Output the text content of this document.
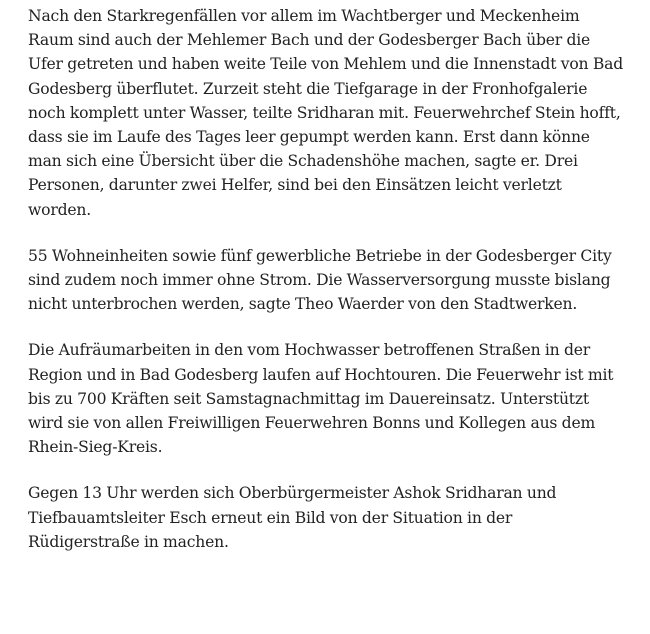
Nach den Starkregenfällen vor allem im Wachtberger und Meckenheim Raum sind auch der Mehlemer Bach und der Godesberger Bach über die Ufer getreten und haben weite Teile von Mehlem und die Innenstadt von Bad Godesberg überflutet. Zurzeit steht die Tiefgarage in der Fronhofgalerie noch komplett unter Wasser, teilte Sridharan mit. Feuerwehrchef Stein hofft, dass sie im Laufe des Tages leer gepumpt werden kann. Erst dann könne man sich eine Übersicht über die Schadenshöhe machen, sagte er. Drei Personen, darunter zwei Helfer, sind bei den Einsätzen leicht verletzt worden.

55 Wohneinheiten sowie fünf gewerbliche Betriebe in der Godesberger City sind zudem noch immer ohne Strom. Die Wasserversorgung musste bislang nicht unterbrochen werden, sagte Theo Waerder von den Stadtwerken.

Die Aufräumarbeiten in den vom Hochwasser betroffenen Straßen in der Region und in Bad Godesberg laufen auf Hochtouren. Die Feuerwehr ist mit bis zu 700 Kräften seit Samstagnachmittag im Dauereinsatz. Unterstützt wird sie von allen Freiwilligen Feuerwehren Bonns und Kollegen aus dem Rhein-Sieg-Kreis.

Gegen 13 Uhr werden sich Oberbürgermeister Ashok Sridharan und Tiefbauamtsleiter Esch erneut ein Bild von der Situation in der Rüdigerstraße in machen.
